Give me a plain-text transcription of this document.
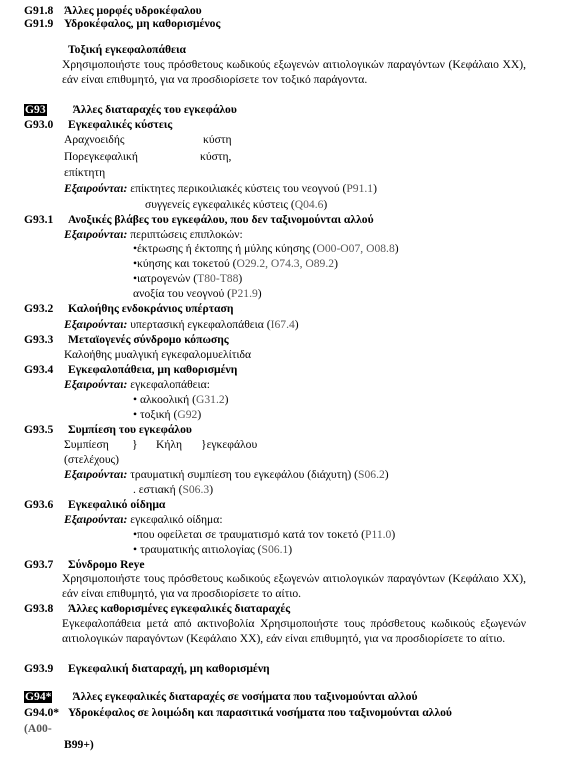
G91.8 Άλλες μορφές υδροκέφαλου
G91.9 Υδροκέφαλος, μη καθορισμένος
Τοξική εγκεφαλοπάθεια
Χρησιμοποιήστε τους πρόσθετους κωδικούς εξωγενών αιτιολογικών παραγόντων (Κεφάλαιο XX), εάν είναι επιθυμητό, για να προσδιορίσετε τον τοξικό παράγοντα.
G93 Άλλες διαταραχές του εγκεφάλου
G93.0 Εγκεφαλικές κύστεις
Αραχνοειδής	κύστη
Πορεγκεφαλική	κύστη,
επίκτητη
Εξαιρούνται: επίκτητες περικοιλιακές κύστεις του νεογνού (P91.1)
συγγενείς εγκεφαλικές κύστεις (Q04.6)
G93.1 Ανοξικές βλάβες του εγκεφάλου, που δεν ταξινομούνται αλλού
Εξαιρούνται: περιπτώσεις επιπλοκών:
•έκτρωσης ή έκτοπης ή μύλης κύησης (O00-O07, O08.8)
•κύησης και τοκετού (O29.2, O74.3, O89.2)
•ιατρογενών (T80-T88)
ανοξία του νεογνού (P21.9)
G93.2 Καλοήθης ενδοκράνιος υπέρταση
Εξαιρούνται: υπερτασική εγκεφαλοπάθεια (I67.4)
G93.3 Μεταϊογενές σύνδρομο κόπωσης
Καλοήθης μυαλγική εγκεφαλομυελίτιδα
G93.4 Εγκεφαλοπάθεια, μη καθορισμένη
Εξαιρούνται: εγκεφαλοπάθεια:
• αλκοολική (G31.2)
• τοξική (G92)
G93.5 Συμπίεση του εγκεφάλου
Συμπίεση } Κήλη }εγκεφάλου
(στελέχους)
Εξαιρούνται: τραυματική συμπίεση του εγκεφάλου (διάχυτη) (S06.2)
. εστιακή (S06.3)
G93.6 Εγκεφαλικό οίδημα
Εξαιρούνται: εγκεφαλικό οίδημα:
•που οφείλεται σε τραυματισμό κατά τον τοκετό (P11.0)
• τραυματικής αιτιολογίας (S06.1)
G93.7 Σύνδρομο Reye
Χρησιμοποιήστε τους πρόσθετους κωδικούς εξωγενών αιτιολογικών παραγόντων (Κεφάλαιο XX), εάν είναι επιθυμητό, για να προσδιορίσετε το αίτιο.
G93.8 Άλλες καθορισμένες εγκεφαλικές διαταραχές
Εγκεφαλοπάθεια μετά από ακτινοβολία Χρησιμοποιήστε τους πρόσθετους κωδικούς εξωγενών αιτιολογικών παραγόντων (Κεφάλαιο XX), εάν είναι επιθυμητό, για να προσδιορίσετε το αίτιο.
G93.9 Εγκεφαλική διαταραχή, μη καθορισμένη
G94* Άλλες εγκεφαλικές διαταραχές σε νοσήματα που ταξινομούνται αλλού
G94.0* Υδροκέφαλος σε λοιμώδη και παρασιτικά νοσήματα που ταξινομούνται αλλού
(A00-
B99+)
